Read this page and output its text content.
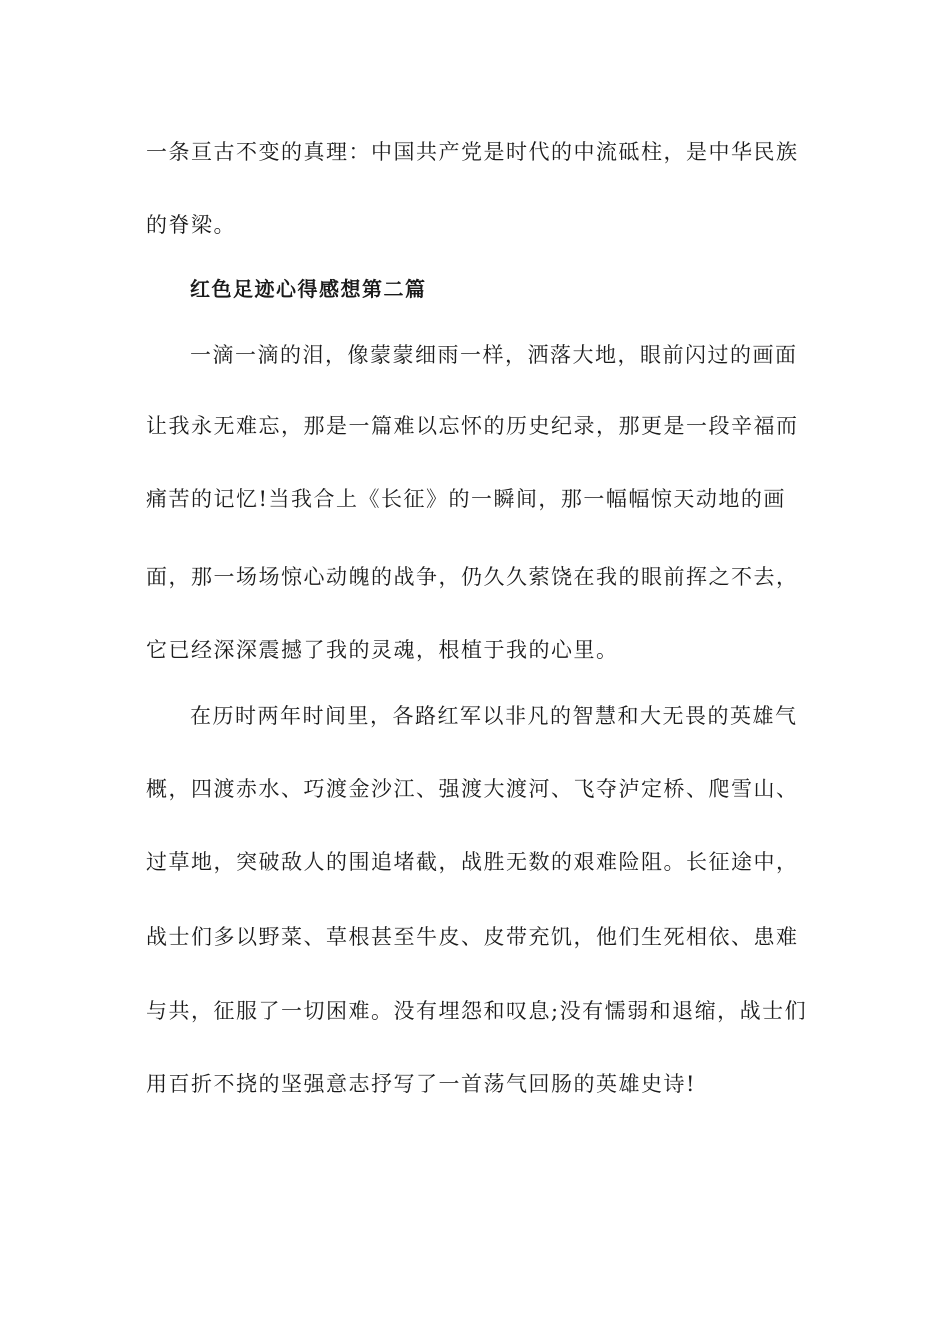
一条亘古不变的真理：中国共产党是时代的中流砥柱，是中华民族
的脊梁。
红色足迹心得感想第二篇
一滴一滴的泪，像蒙蒙细雨一样，洒落大地，眼前闪过的画面
让我永无难忘，那是一篇难以忘怀的历史纪录，那更是一段辛福而
痛苦的记忆!当我合上《长征》的一瞬间，那一幅幅惊天动地的画
面，那一场场惊心动魄的战争，仍久久萦饶在我的眼前挥之不去，
它已经深深震撼了我的灵魂，根植于我的心里。
在历时两年时间里，各路红军以非凡的智慧和大无畏的英雄气
概，四渡赤水、巧渡金沙江、强渡大渡河、飞夺泸定桥、爬雪山、
过草地，突破敌人的围追堵截，战胜无数的艰难险阻。长征途中，
战士们多以野菜、草根甚至牛皮、皮带充饥，他们生死相依、患难
与共，征服了一切困难。没有埋怨和叹息;没有懦弱和退缩，战士们
用百折不挠的坚强意志抒写了一首荡气回肠的英雄史诗!
